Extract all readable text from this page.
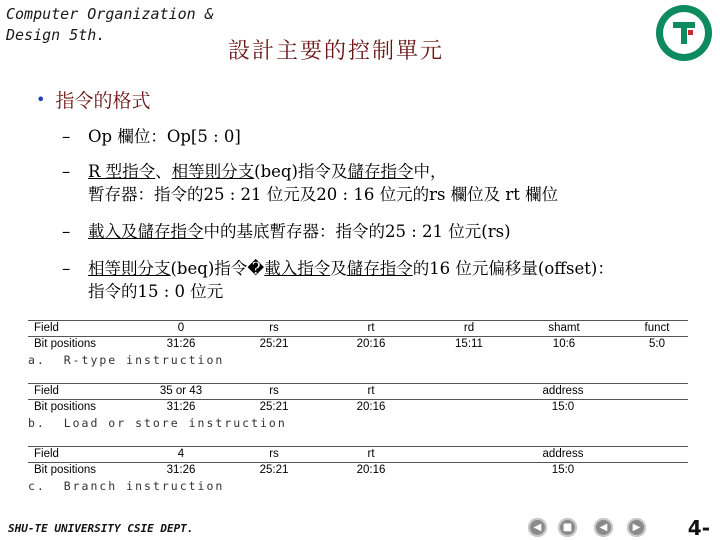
Computer Organization &
Design 5th.
設計主要的控制單元
• 指令的格式
– Op 欄位：Op[5 : 0]
– R 型指令、相等則分支(beq)指令及儲存指令中，
暫存器：指令的25 : 21 位元及20 : 16 位元的rs 欄位及 rt 欄位
– 載入及儲存指令中的基底暫存器：指令的25 : 21 位元(rs)
– 相等則分支(beq)指令�載入指令及儲存指令的16 位元偏移量(offset)：
指令的15 : 0 位元
Field	0	rs	rt	rd	shamt	funct
Bit positions	31:26	25:21	20:16	15:11	10:6	5:0
a.  R-type instruction
Field	35 or 43	rs	rt	address
Bit positions	31:26	25:21	20:16	15:0
b.  Load or store instruction
Field	4	rs	rt	address
Bit positions	31:26	25:21	20:16	15:0
c.  Branch instruction
SHU-TE UNIVERSITY CSIE DEPT.	◀	■	◀	▶ 4-
